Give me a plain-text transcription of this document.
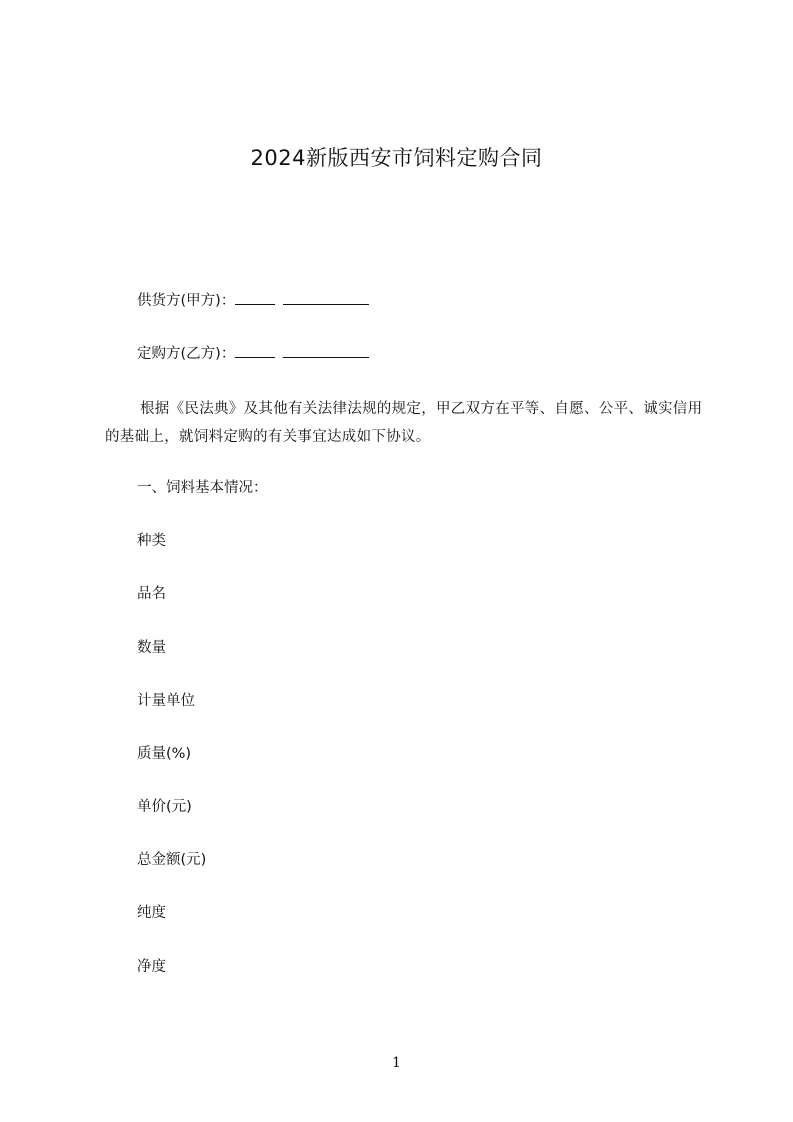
2024新版西安市饲料定购合同
供货方(甲方)：
定购方(乙方)：
根据《民法典》及其他有关法律法规的规定，甲乙双方在平等、自愿、公平、诚实信用的基础上，就饲料定购的有关事宜达成如下协议。
一、饲料基本情况：
种类
品名
数量
计量单位
质量(%)
单价(元)
总金额(元)
纯度
净度
1
